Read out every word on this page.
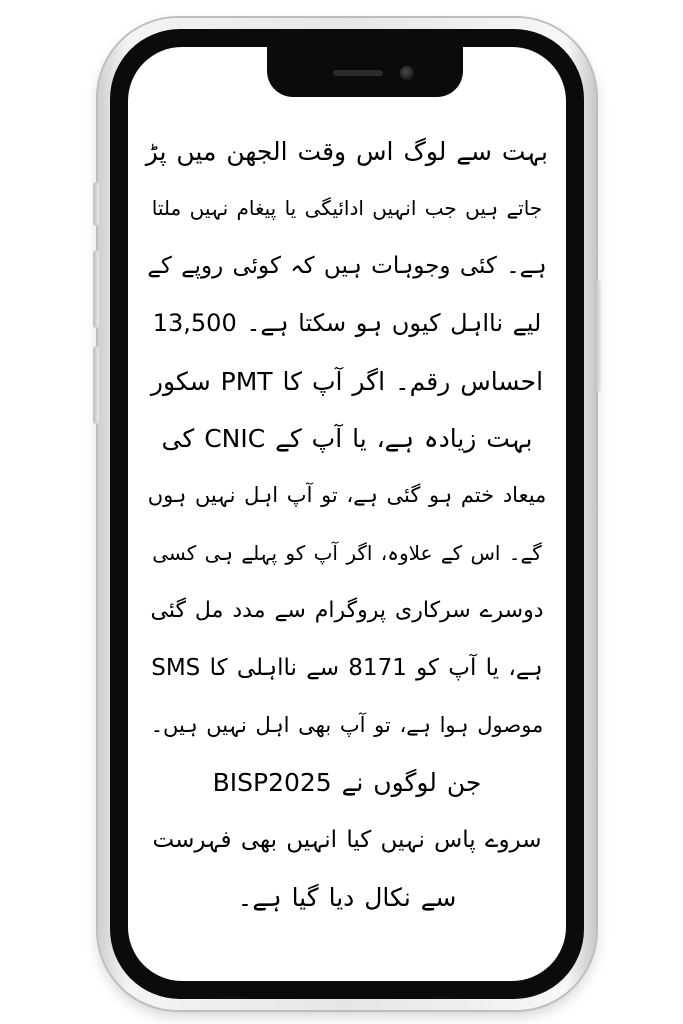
بہت سے لوگ اس وقت الجھن میں پڑ
جاتے ہیں جب انہیں ادائیگی یا پیغام نہیں ملتا
ہے۔ کئی وجوہات ہیں کہ کوئی روپے کے
لیے نااہل کیوں ہو سکتا ہے۔ 13,500
احساس رقم۔ اگر آپ کا PMT سکور
بہت زیادہ ہے، یا آپ کے CNIC کی
میعاد ختم ہو گئی ہے، تو آپ اہل نہیں ہوں
گے۔ اس کے علاوہ، اگر آپ کو پہلے ہی کسی
دوسرے سرکاری پروگرام سے مدد مل گئی
ہے، یا آپ کو 8171 سے نااہلی کا SMS
موصول ہوا ہے، تو آپ بھی اہل نہیں ہیں۔
جن لوگوں نے BISP2025
سروے پاس نہیں کیا انہیں بھی فہرست
سے نکال دیا گیا ہے۔
